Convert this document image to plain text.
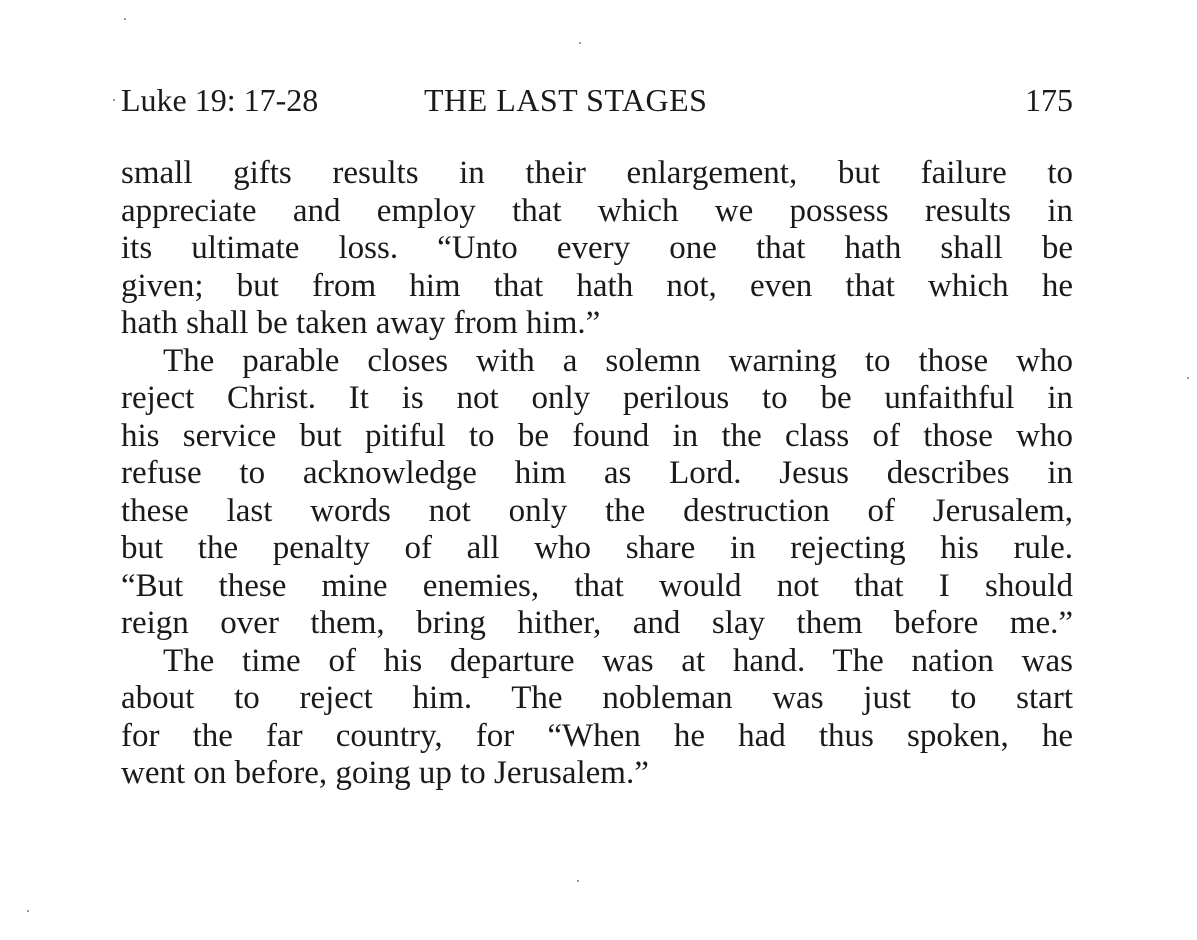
Luke 19: 17-28	THE LAST STAGES	175
small gifts results in their enlargement, but failure to
appreciate and employ that which we possess results in
its ultimate loss. “Unto every one that hath shall be
given; but from him that hath not, even that which he
hath shall be taken away from him.”
The parable closes with a solemn warning to those who
reject Christ. It is not only perilous to be unfaithful in
his service but pitiful to be found in the class of those who
refuse to acknowledge him as Lord. Jesus describes in
these last words not only the destruction of Jerusalem,
but the penalty of all who share in rejecting his rule.
“But these mine enemies, that would not that I should
reign over them, bring hither, and slay them before me.”
The time of his departure was at hand. The nation was
about to reject him. The nobleman was just to start
for the far country, for “When he had thus spoken, he
went on before, going up to Jerusalem.”
